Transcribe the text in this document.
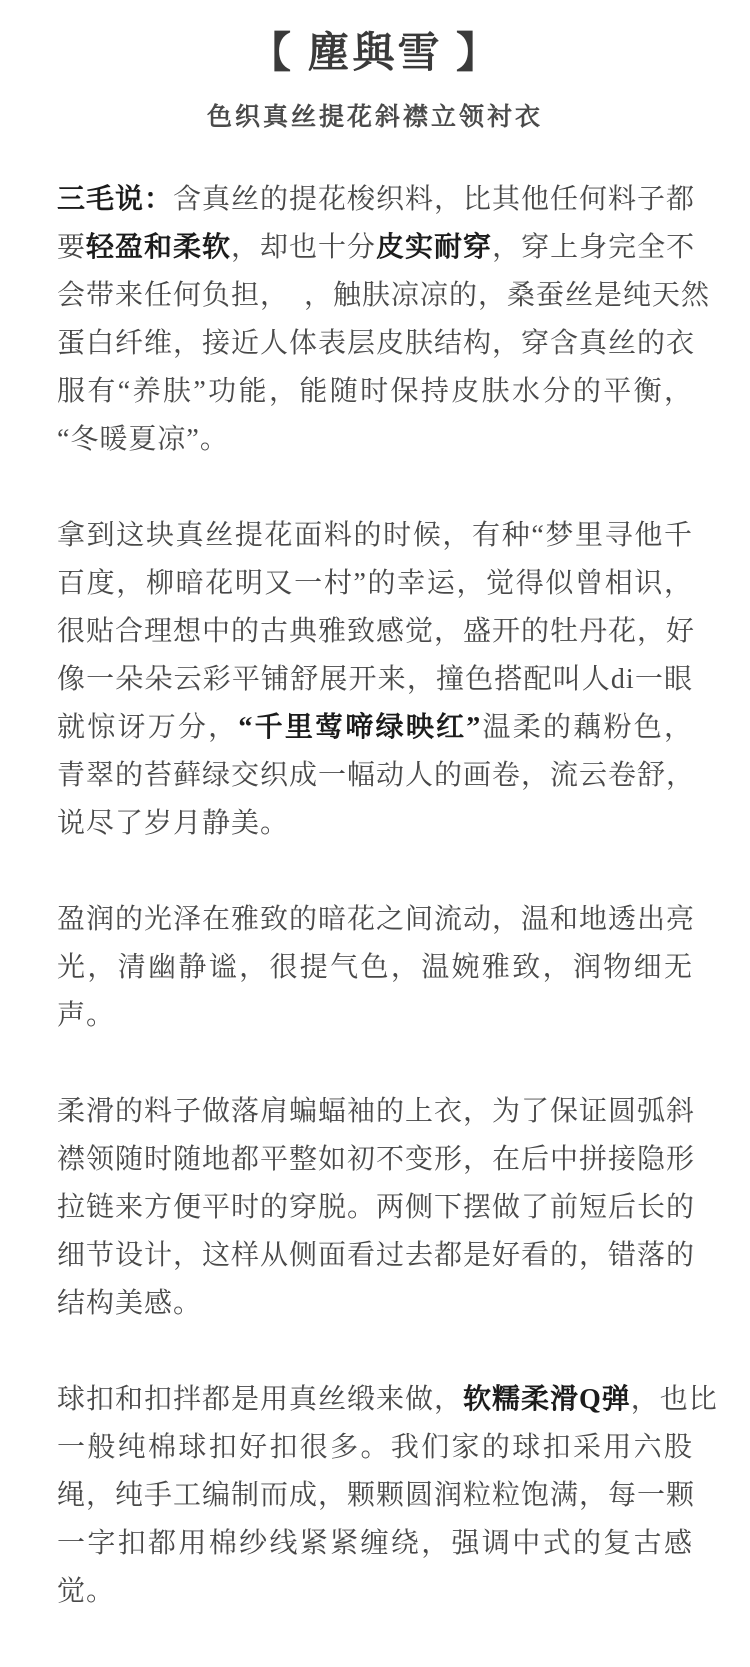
【 塵與雪 】
色织真丝提花斜襟立领衬衣
三毛说：含真丝的提花梭织料，比其他任何料子都
要轻盈和柔软，却也十分皮实耐穿，穿上身完全不
会带来任何负担，　，触肤凉凉的，桑蚕丝是纯天然
蛋白纤维，接近人体表层皮肤结构，穿含真丝的衣
服有“养肤”功能，能随时保持皮肤水分的平衡，
“冬暖夏凉”。
拿到这块真丝提花面料的时候，有种“梦里寻他千
百度，柳暗花明又一村”的幸运，觉得似曾相识，
很贴合理想中的古典雅致感觉，盛开的牡丹花，好
像一朵朵云彩平铺舒展开来，撞色搭配叫人di一眼
就惊讶万分，“千里莺啼绿映红”温柔的藕粉色，
青翠的苔藓绿交织成一幅动人的画卷，流云卷舒，
说尽了岁月静美。
盈润的光泽在雅致的暗花之间流动，温和地透出亮
光，清幽静谧，很提气色，温婉雅致，润物细无
声。
柔滑的料子做落肩蝙蝠袖的上衣，为了保证圆弧斜
襟领随时随地都平整如初不变形，在后中拼接隐形
拉链来方便平时的穿脱。两侧下摆做了前短后长的
细节设计，这样从侧面看过去都是好看的，错落的
结构美感。
球扣和扣拌都是用真丝缎来做，软糯柔滑Q弹，也比
一般纯棉球扣好扣很多。我们家的球扣采用六股
绳，纯手工编制而成，颗颗圆润粒粒饱满，每一颗
一字扣都用棉纱线紧紧缠绕，强调中式的复古感
觉。
